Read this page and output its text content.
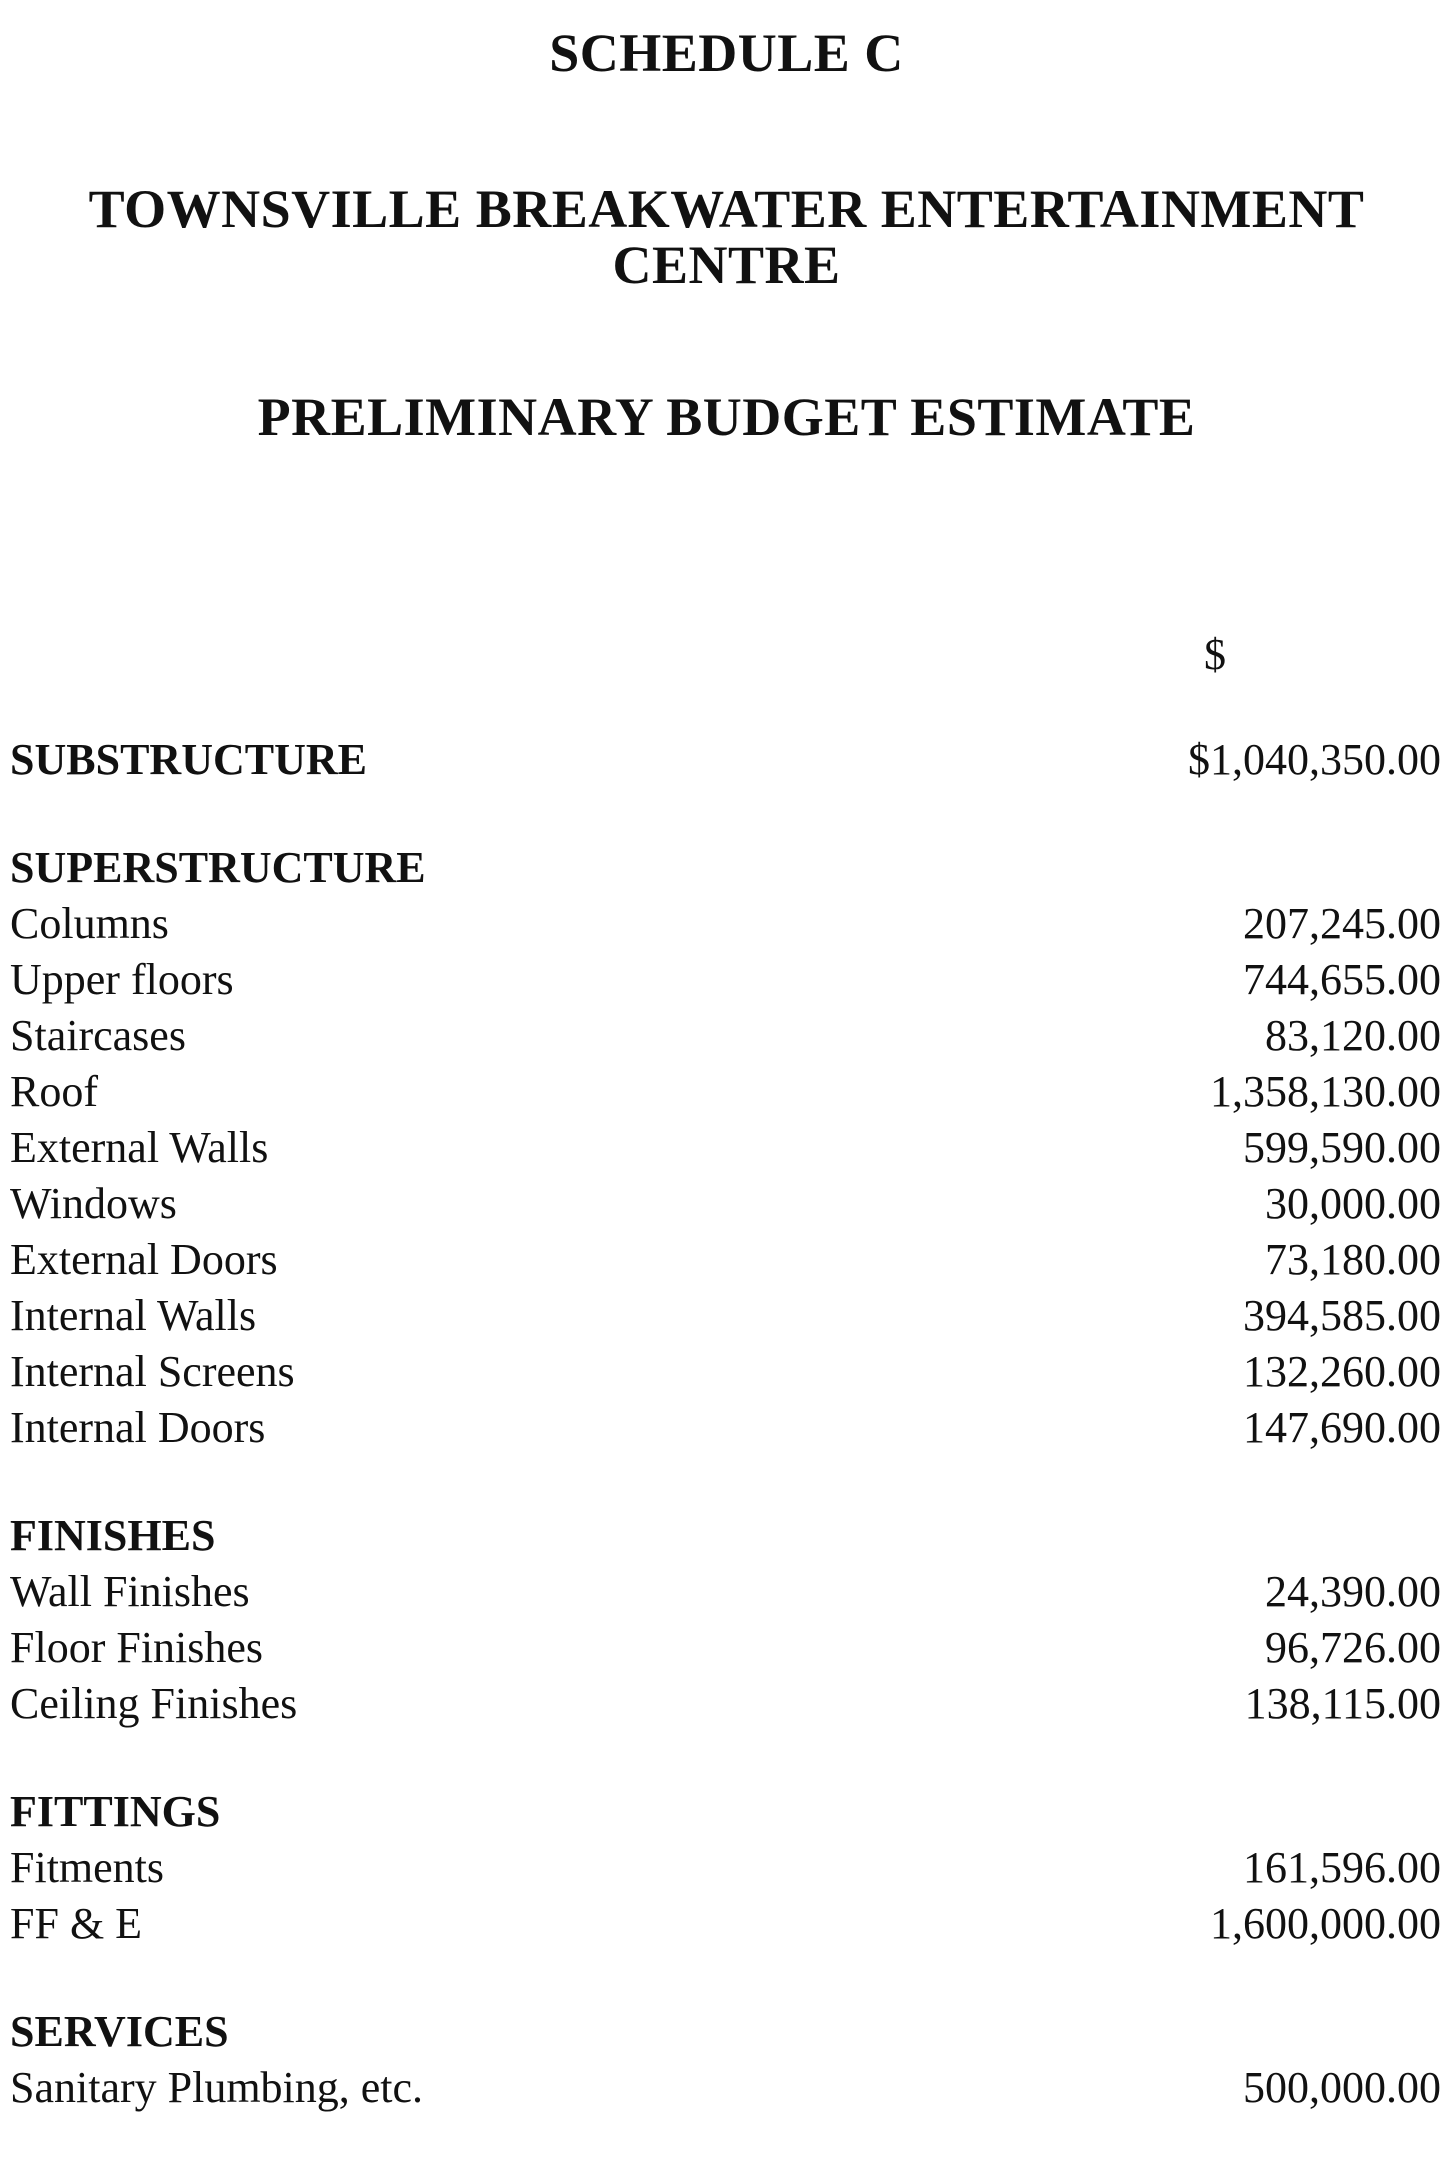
SCHEDULE C
TOWNSVILLE BREAKWATER ENTERTAINMENT
CENTRE
PRELIMINARY BUDGET ESTIMATE
$
SUBSTRUCTURE	$1,040,350.00
SUPERSTRUCTURE
Columns	207,245.00
Upper floors	744,655.00
Staircases	83,120.00
Roof	1,358,130.00
External Walls	599,590.00
Windows	30,000.00
External Doors	73,180.00
Internal Walls	394,585.00
Internal Screens	132,260.00
Internal Doors	147,690.00
FINISHES
Wall Finishes	24,390.00
Floor Finishes	96,726.00
Ceiling Finishes	138,115.00
FITTINGS
Fitments	161,596.00
FF & E	1,600,000.00
SERVICES
Sanitary Plumbing, etc.	500,000.00
